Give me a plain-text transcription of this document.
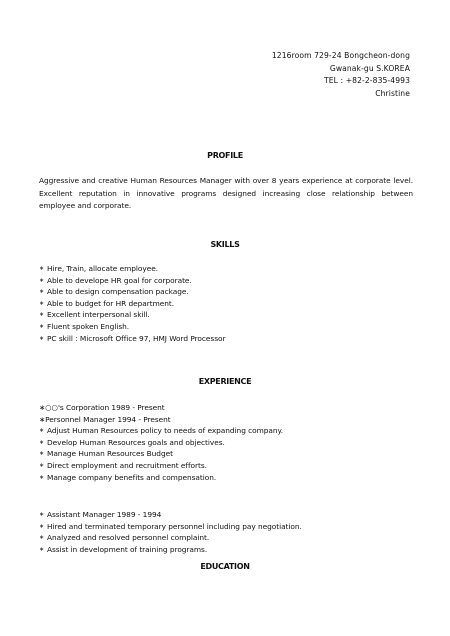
1216room 729-24 Bongcheon-dong
Gwanak-gu S.KOREA
TEL : +82-2-835-4993
Christine
PROFILE
Aggressive and creative Human Resources Manager with over 8 years experience at corporate level. Excellent reputation in innovative programs designed increasing close relationship between employee and corporate.
SKILLS
∗ Hire, Train, allocate employee.
∗ Able to develope HR goal for corporate.
∗ Able to design compensation package.
∗ Able to budget for HR department.
∗ Excellent interpersonal skill.
∗ Fluent spoken English.
∗ PC skill : Microsoft Office 97, HMJ Word Processor
EXPERIENCE
∗○○'s Corporation 1989 - Present
∗Personnel Manager 1994 - Present
∗ Adjust Human Resources policy to needs of expanding company.
∗ Develop Human Resources goals and objectives.
∗ Manage Human Resources Budget
∗ Direct employment and recruitment efforts.
∗ Manage company benefits and compensation.
∗ Assistant Manager 1989 - 1994
∗ Hired and terminated temporary personnel including pay negotiation.
∗ Analyzed and resolved personnel complaint.
∗ Assist in development of training programs.
EDUCATION
